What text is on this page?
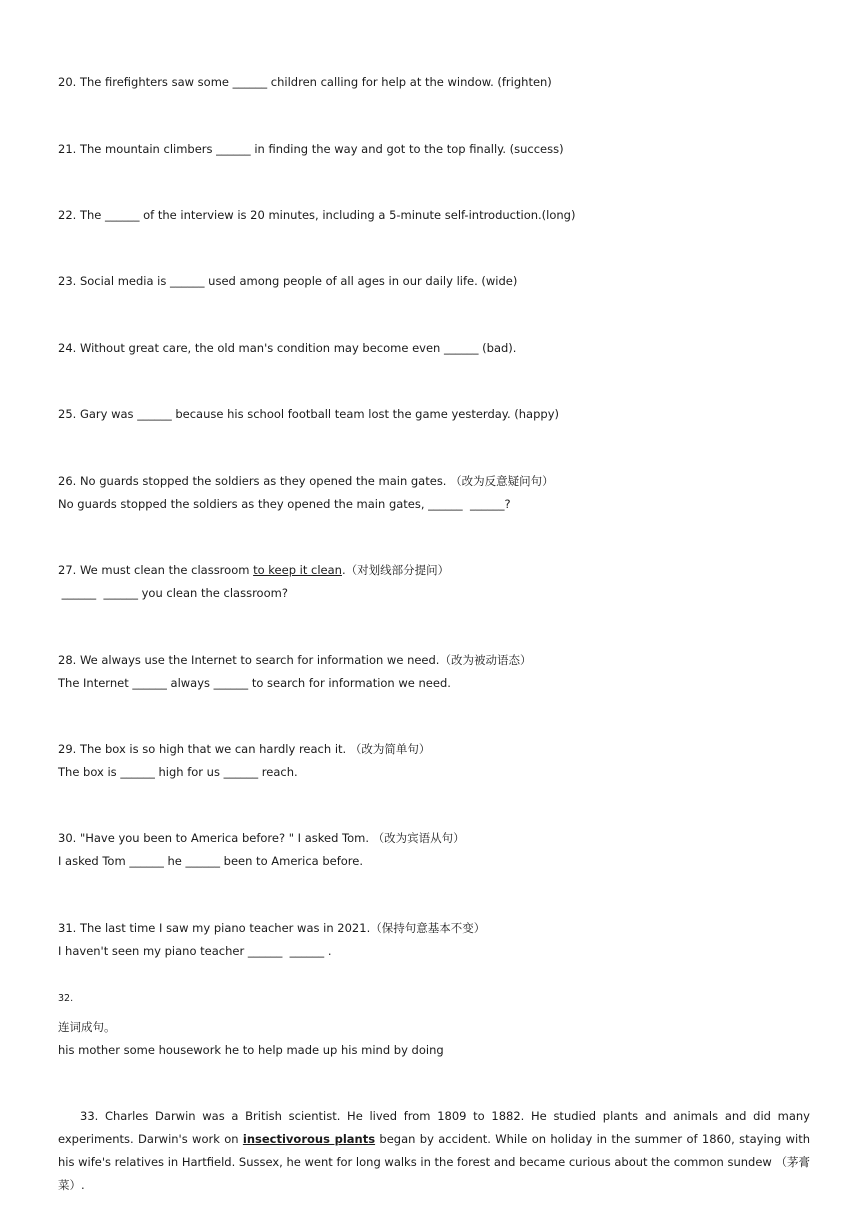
20. The firefighters saw some ______ children calling for help at the window. (frighten)
21. The mountain climbers ______ in finding the way and got to the top finally. (success)
22. The ______ of the interview is 20 minutes, including a 5-minute self-introduction.(long)
23. Social media is ______ used among people of all ages in our daily life. (wide)
24. Without great care, the old man's condition may become even ______ (bad).
25. Gary was ______ because his school football team lost the game yesterday. (happy)
26. No guards stopped the soldiers as they opened the main gates. （改为反意疑问句）
No guards stopped the soldiers as they opened the main gates, ______  ______?
27. We must clean the classroom to keep it clean.（对划线部分提问）
______  ______ you clean the classroom?
28. We always use the Internet to search for information we need.（改为被动语态）
The Internet ______ always ______ to search for information we need.
29. The box is so high that we can hardly reach it. （改为简单句）
The box is ______ high for us ______ reach.
30. "Have you been to America before? " I asked Tom. （改为宾语从句）
I asked Tom ______ he ______ been to America before.
31. The last time I saw my piano teacher was in 2021.（保持句意基本不变）
I haven't seen my piano teacher ______  ______ .
32.
连词成句。
his mother some housework he to help made up his mind by doing
33. Charles Darwin was a British scientist. He lived from 1809 to 1882. He studied plants and animals and did many experiments. Darwin's work on insectivorous plants began by accident. While on holiday in the summer of 1860, staying with his wife's relatives in Hartfield. Sussex, he went for long walks in the forest and became curious about the common sundew （茅膏菜）.
